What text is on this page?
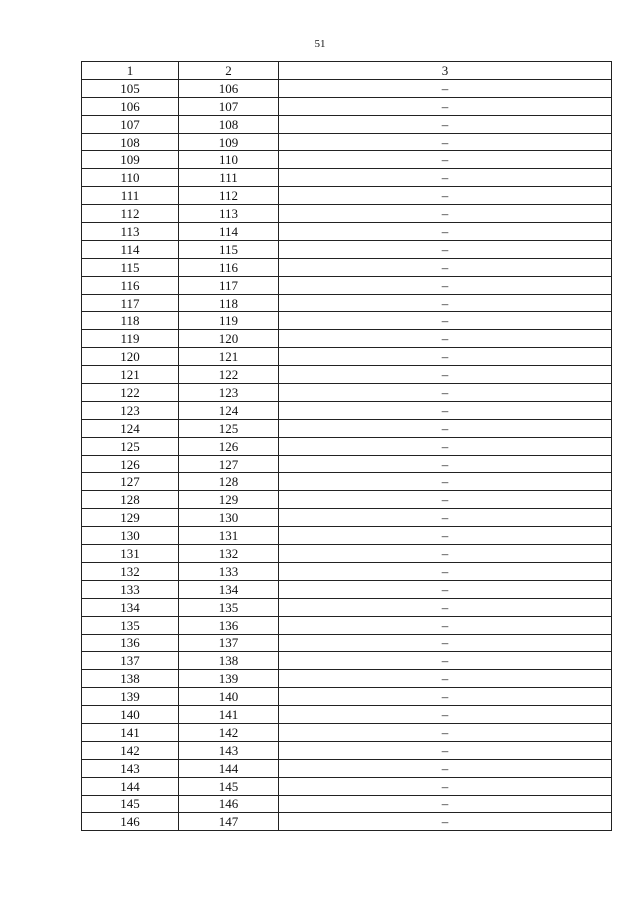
51
1	2	3
105	106	–
106	107	–
107	108	–
108	109	–
109	110	–
110	111	–
111	112	–
112	113	–
113	114	–
114	115	–
115	116	–
116	117	–
117	118	–
118	119	–
119	120	–
120	121	–
121	122	–
122	123	–
123	124	–
124	125	–
125	126	–
126	127	–
127	128	–
128	129	–
129	130	–
130	131	–
131	132	–
132	133	–
133	134	–
134	135	–
135	136	–
136	137	–
137	138	–
138	139	–
139	140	–
140	141	–
141	142	–
142	143	–
143	144	–
144	145	–
145	146	–
146	147	–
